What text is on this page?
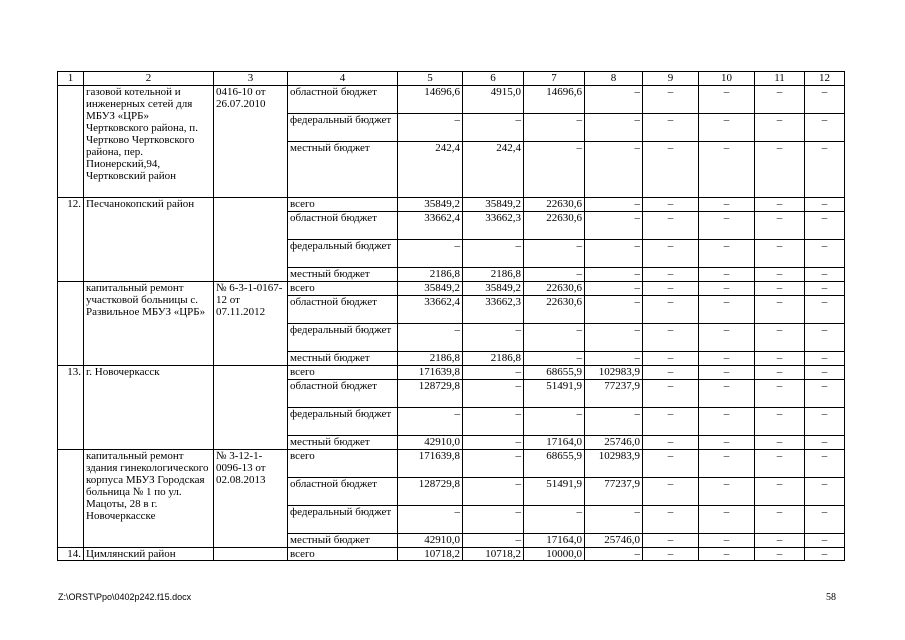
1	2	3	4	5	6	7	8	9	10	11	12
	газовой котельной и инженерных сетей для МБУЗ «ЦРБ» Чертковского района, п. Чертково Чертковского района, пер. Пионерский,94, Чертковский район	0416-10 от 26.07.2010	областной бюджет	14696,6	4915,0	14696,6	–	–	–	–	–
			федеральный бюджет	–	–	–	–	–	–	–	–
			местный бюджет	242,4	242,4	–	–	–	–	–	–
12.	Песчанокопский район		всего	35849,2	35849,2	22630,6	–	–	–	–	–
			областной бюджет	33662,4	33662,3	22630,6	–	–	–	–	–
			федеральный бюджет	–	–	–	–	–	–	–	–
			местный бюджет	2186,8	2186,8	–	–	–	–	–	–
	капитальный ремонт участковой больницы с. Развильное МБУЗ «ЦРБ»	№ 6-3-1-0167-12 от 07.11.2012	всего	35849,2	35849,2	22630,6	–	–	–	–	–
			областной бюджет	33662,4	33662,3	22630,6	–	–	–	–	–
			федеральный бюджет	–	–	–	–	–	–	–	–
			местный бюджет	2186,8	2186,8	–	–	–	–	–	–
13.	г. Новочеркасск		всего	171639,8	–	68655,9	102983,9	–	–	–	–
			областной бюджет	128729,8	–	51491,9	77237,9	–	–	–	–
			федеральный бюджет	–	–	–	–	–	–	–	–
			местный бюджет	42910,0	–	17164,0	25746,0	–	–	–	–
	капитальный ремонт здания гинекологического корпуса МБУЗ Городская больница № 1 по ул. Мацоты, 28 в г. Новочеркасске	№ 3-12-1-0096-13 от 02.08.2013	всего	171639,8	–	68655,9	102983,9	–	–	–	–
			областной бюджет	128729,8	–	51491,9	77237,9	–	–	–	–
			федеральный бюджет	–	–	–	–	–	–	–	–
			местный бюджет	42910,0	–	17164,0	25746,0	–	–	–	–
14.	Цимлянский район		всего	10718,2	10718,2	10000,0	–	–	–	–	–
Z:\ORST\Ppo\0402p242.f15.docx	58
